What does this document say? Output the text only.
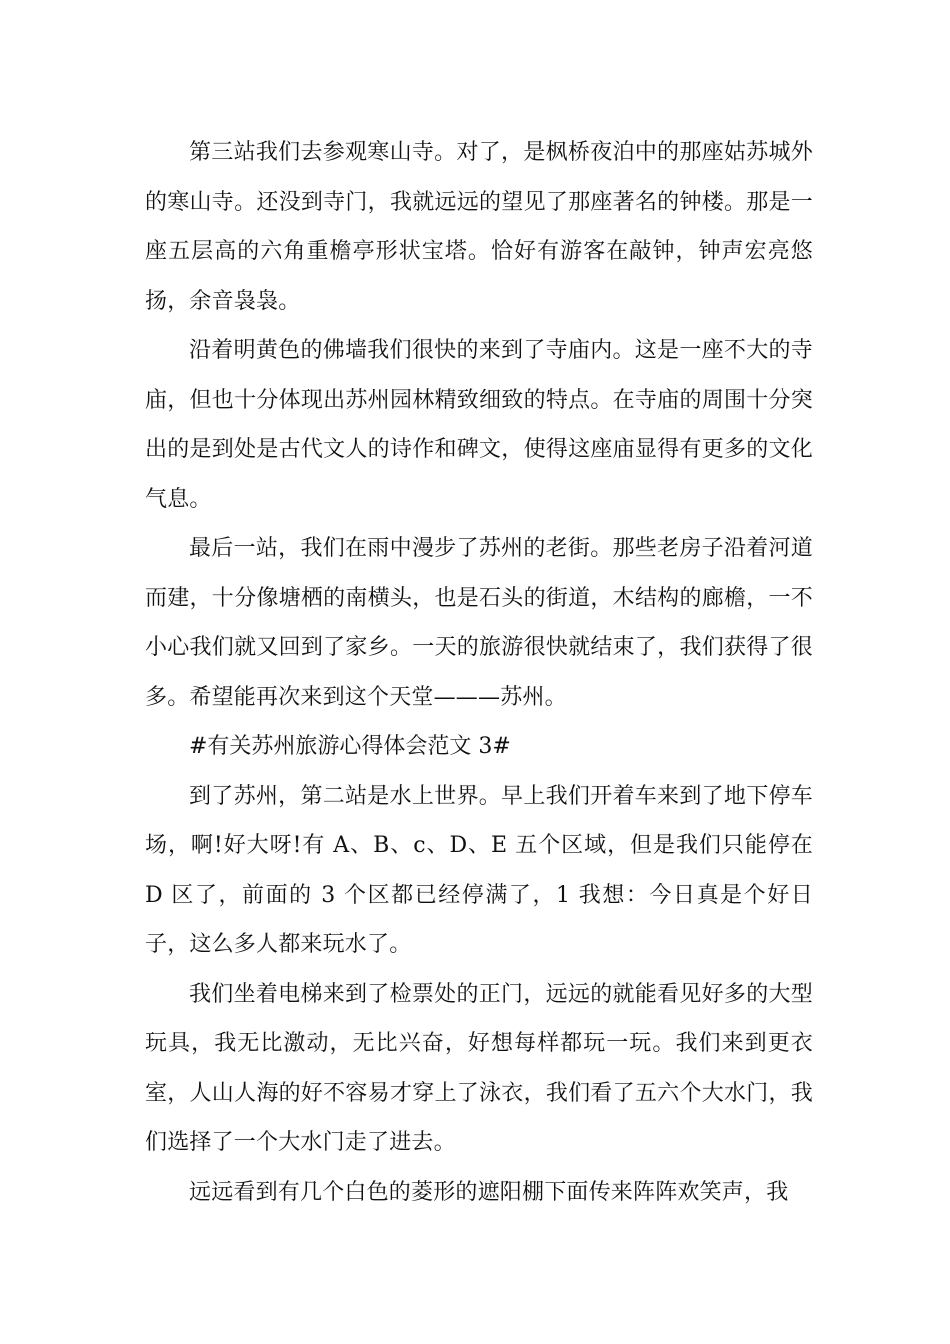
第三站我们去参观寒山寺。对了，是枫桥夜泊中的那座姑苏城外的寒山寺。还没到寺门，我就远远的望见了那座著名的钟楼。那是一座五层高的六角重檐亭形状宝塔。恰好有游客在敲钟，钟声宏亮悠扬，余音袅袅。

沿着明黄色的佛墙我们很快的来到了寺庙内。这是一座不大的寺庙，但也十分体现出苏州园林精致细致的特点。在寺庙的周围十分突出的是到处是古代文人的诗作和碑文，使得这座庙显得有更多的文化气息。

最后一站，我们在雨中漫步了苏州的老街。那些老房子沿着河道而建，十分像塘栖的南横头，也是石头的街道，木结构的廊檐，一不小心我们就又回到了家乡。一天的旅游很快就结束了，我们获得了很多。希望能再次来到这个天堂———苏州。

#有关苏州旅游心得体会范文 3#

到了苏州，第二站是水上世界。早上我们开着车来到了地下停车场，啊!好大呀!有 A、B、c、D、E 五个区域，但是我们只能停在 D 区了，前面的 3 个区都已经停满了，1 我想：今日真是个好日子，这么多人都来玩水了。

我们坐着电梯来到了检票处的正门，远远的就能看见好多的大型玩具，我无比激动，无比兴奋，好想每样都玩一玩。我们来到更衣室，人山人海的好不容易才穿上了泳衣，我们看了五六个大水门，我们选择了一个大水门走了进去。

远远看到有几个白色的菱形的遮阳棚下面传来阵阵欢笑声，我
